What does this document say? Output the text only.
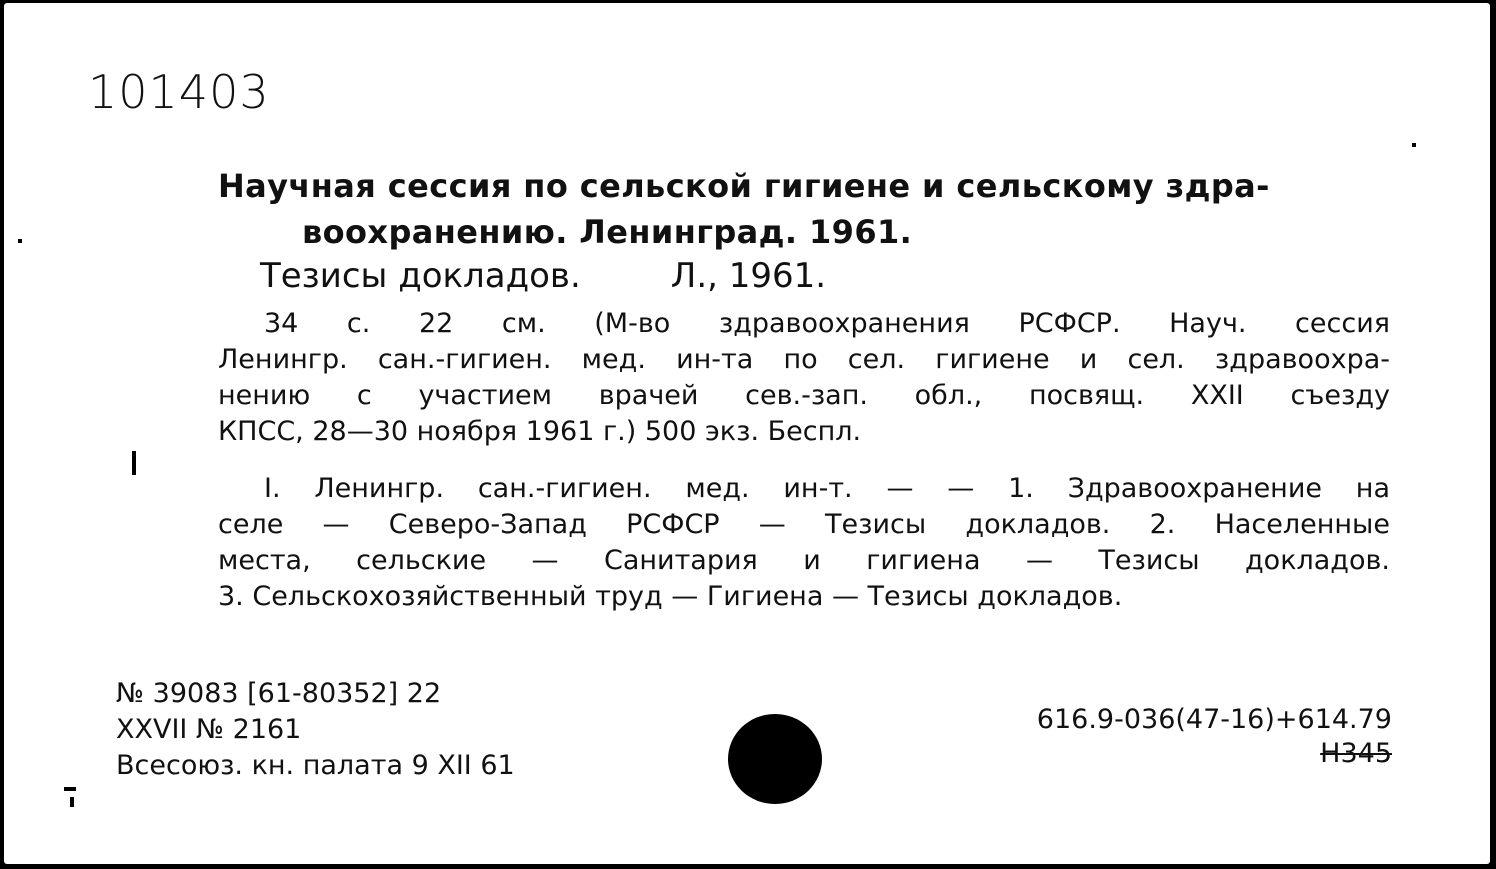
101403
Научная сессия по сельской гигиене и сельскому здра-
воохранению. Ленинград. 1961.
Тезисы докладов.	Л., 1961.
34 с. 22 см. (М-во здравоохранения РСФСР. Науч. сессия
Ленингр. сан.-гигиен. мед. ин-та по сел. гигиене и сел. здравоохра-
нению с участием врачей сев.-зап. обл., посвящ. XXII съезду
КПСС, 28—30 ноября 1961 г.) 500 экз. Беспл.
I. Ленингр. сан.-гигиен. мед. ин-т. — — 1. Здравоохранение на
селе — Северо-Запад РСФСР — Тезисы докладов. 2. Населенные
места, сельские — Санитария и гигиена — Тезисы докладов.
3. Сельскохозяйственный труд — Гигиена — Тезисы докладов.
№ 39083 [61-80352] 22
XXVII № 2161
Всесоюз. кн. палата 9 XII 61
616.9-036(47-16)+614.79
Н345
